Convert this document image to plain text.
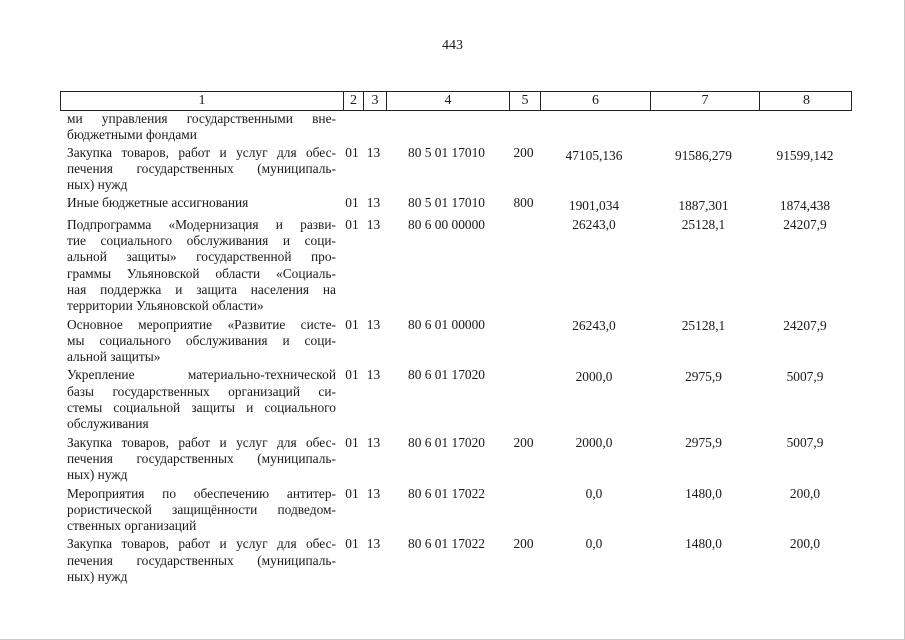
443
1	2	3	4	5	6	7	8
ми управления государственными вне-
бюджетными фондами
Закупка товаров, работ и услуг для обес-
печения государственных (муниципаль-
ных) нужд
01 13	80 5 01 17010	200	47105,136	91586,279	91599,142
Иные бюджетные ассигнования	01 13	80 5 01 17010	800	1901,034	1887,301	1874,438
Подпрограмма «Модернизация и разви-
тие социального обслуживания и соци-
альной защиты» государственной про-
граммы Ульяновской области «Социаль-
ная поддержка и защита населения на
территории Ульяновской области»
01 13	80 6 00 00000	26243,0	25128,1	24207,9
Основное мероприятие «Развитие систе-
мы социального обслуживания и соци-
альной защиты»
01 13	80 6 01 00000	26243,0	25128,1	24207,9
Укрепление материально-технической
базы государственных организаций си-
стемы социальной защиты и социального
обслуживания
01 13	80 6 01 17020	2000,0	2975,9	5007,9
Закупка товаров, работ и услуг для обес-
печения государственных (муниципаль-
ных) нужд
01 13	80 6 01 17020	200	2000,0	2975,9	5007,9
Мероприятия по обеспечению антитер-
рористической защищённости подведом-
ственных организаций
01 13	80 6 01 17022	0,0	1480,0	200,0
Закупка товаров, работ и услуг для обес-
печения государственных (муниципаль-
ных) нужд
01 13	80 6 01 17022	200	0,0	1480,0	200,0
